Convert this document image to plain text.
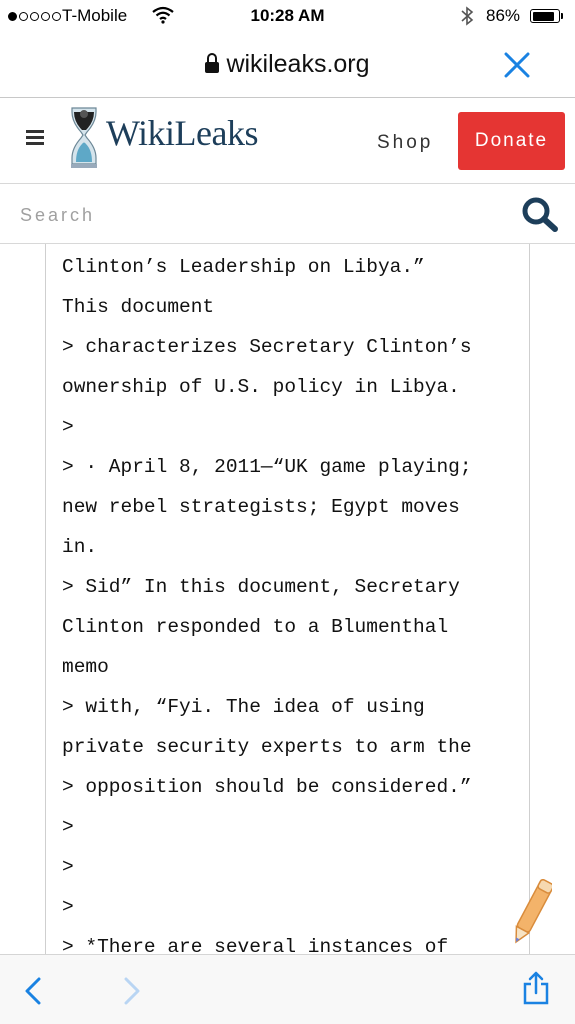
T-Mobile	10:28 AM	86%
wikileaks.org
WikiLeaks	Shop	Donate
Search
Clinton’s Leadership on Libya.”
This document
> characterizes Secretary Clinton’s
ownership of U.S. policy in Libya.
>
> · April 8, 2011—“UK game playing;
new rebel strategists; Egypt moves
in.
> Sid” In this document, Secretary
Clinton responded to a Blumenthal
memo
> with, “Fyi. The idea of using
private security experts to arm the
> opposition should be considered.”
>
>
>
> *There are several instances of
